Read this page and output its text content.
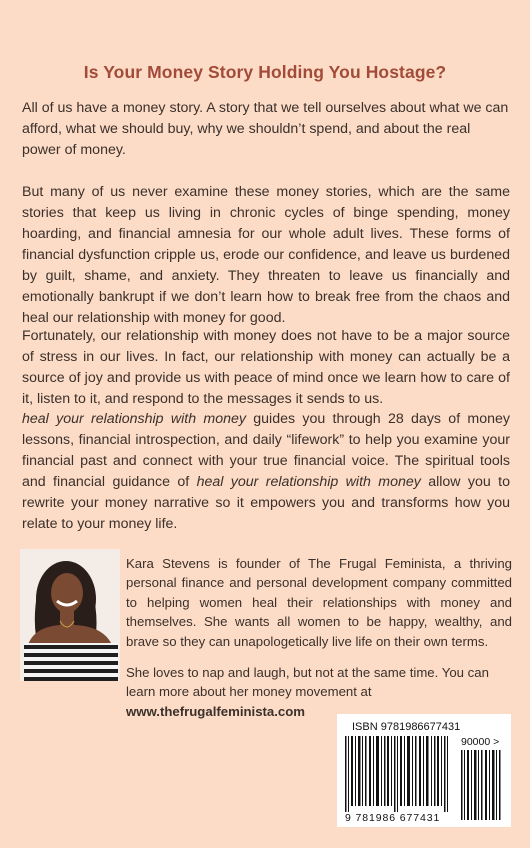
Is Your Money Story Holding You Hostage?

All of us have a money story. A story that we tell ourselves about what we can afford, what we should buy, why we shouldn’t spend, and about the real power of money.

But many of us never examine these money stories, which are the same stories that keep us living in chronic cycles of binge spending, money hoarding, and financial amnesia for our whole adult lives. These forms of financial dysfunction cripple us, erode our confidence, and leave us burdened by guilt, shame, and anxiety. They threaten to leave us financially and emotionally bankrupt if we don’t learn how to break free from the chaos and heal our relationship with money for good.

Fortunately, our relationship with money does not have to be a major source of stress in our lives. In fact, our relationship with money can actually be a source of joy and provide us with peace of mind once we learn how to care of it, listen to it, and respond to the messages it sends to us.

heal your relationship with money guides you through 28 days of money lessons, financial introspection, and daily “lifework” to help you examine your financial past and connect with your true financial voice. The spiritual tools and financial guidance of heal your relationship with money allow you to rewrite your money narrative so it empowers you and transforms how you relate to your money life.

Kara Stevens is founder of The Frugal Feminista, a thriving personal finance and personal development company committed to helping women heal their relationships with money and themselves. She wants all women to be happy, wealthy, and brave so they can unapologetically live life on their own terms.

She loves to nap and laugh, but not at the same time. You can learn more about her money movement at www.thefrugalfeminista.com

ISBN 9781986677431
90000 >
9 781986 677431
